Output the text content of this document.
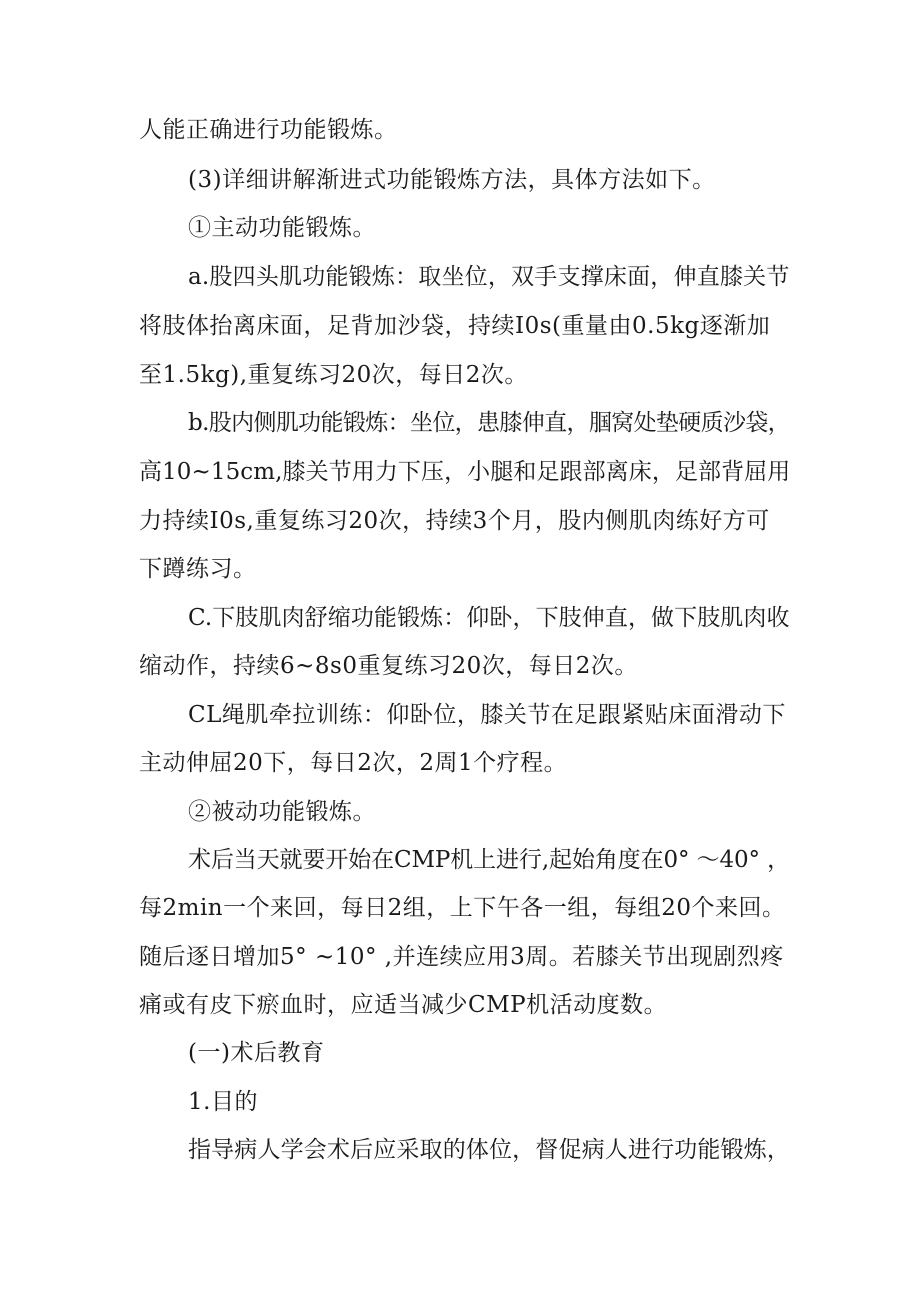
人能正确进行功能锻炼。
(3)详细讲解渐进式功能锻炼方法，具体方法如下。
①主动功能锻炼。
a.股四头肌功能锻炼：取坐位，双手支撑床面，伸直膝关节
将肢体抬离床面，足背加沙袋，持续I0s(重量由0.5kg逐渐加
至1.5kg),重复练习20次，每日2次。
b.股内侧肌功能锻炼：坐位，患膝伸直，腘窝处垫硬质沙袋，
高10~15cm,膝关节用力下压，小腿和足跟部离床，足部背屈用
力持续I0s,重复练习20次，持续3个月，股内侧肌肉练好方可
下蹲练习。
C.下肢肌肉舒缩功能锻炼：仰卧，下肢伸直，做下肢肌肉收
缩动作，持续6~8s0重复练习20次，每日2次。
CL绳肌牵拉训练：仰卧位，膝关节在足跟紧贴床面滑动下
主动伸屈20下，每日2次，2周1个疗程。
②被动功能锻炼。
术后当天就要开始在CMP机上进行,起始角度在0° ～40° ，
每2min一个来回，每日2组，上下午各一组，每组20个来回。
随后逐日增加5° ~10° ,并连续应用3周。若膝关节出现剧烈疼
痛或有皮下瘀血时，应适当减少CMP机活动度数。
(一)术后教育
1.目的
指导病人学会术后应采取的体位，督促病人进行功能锻炼，
